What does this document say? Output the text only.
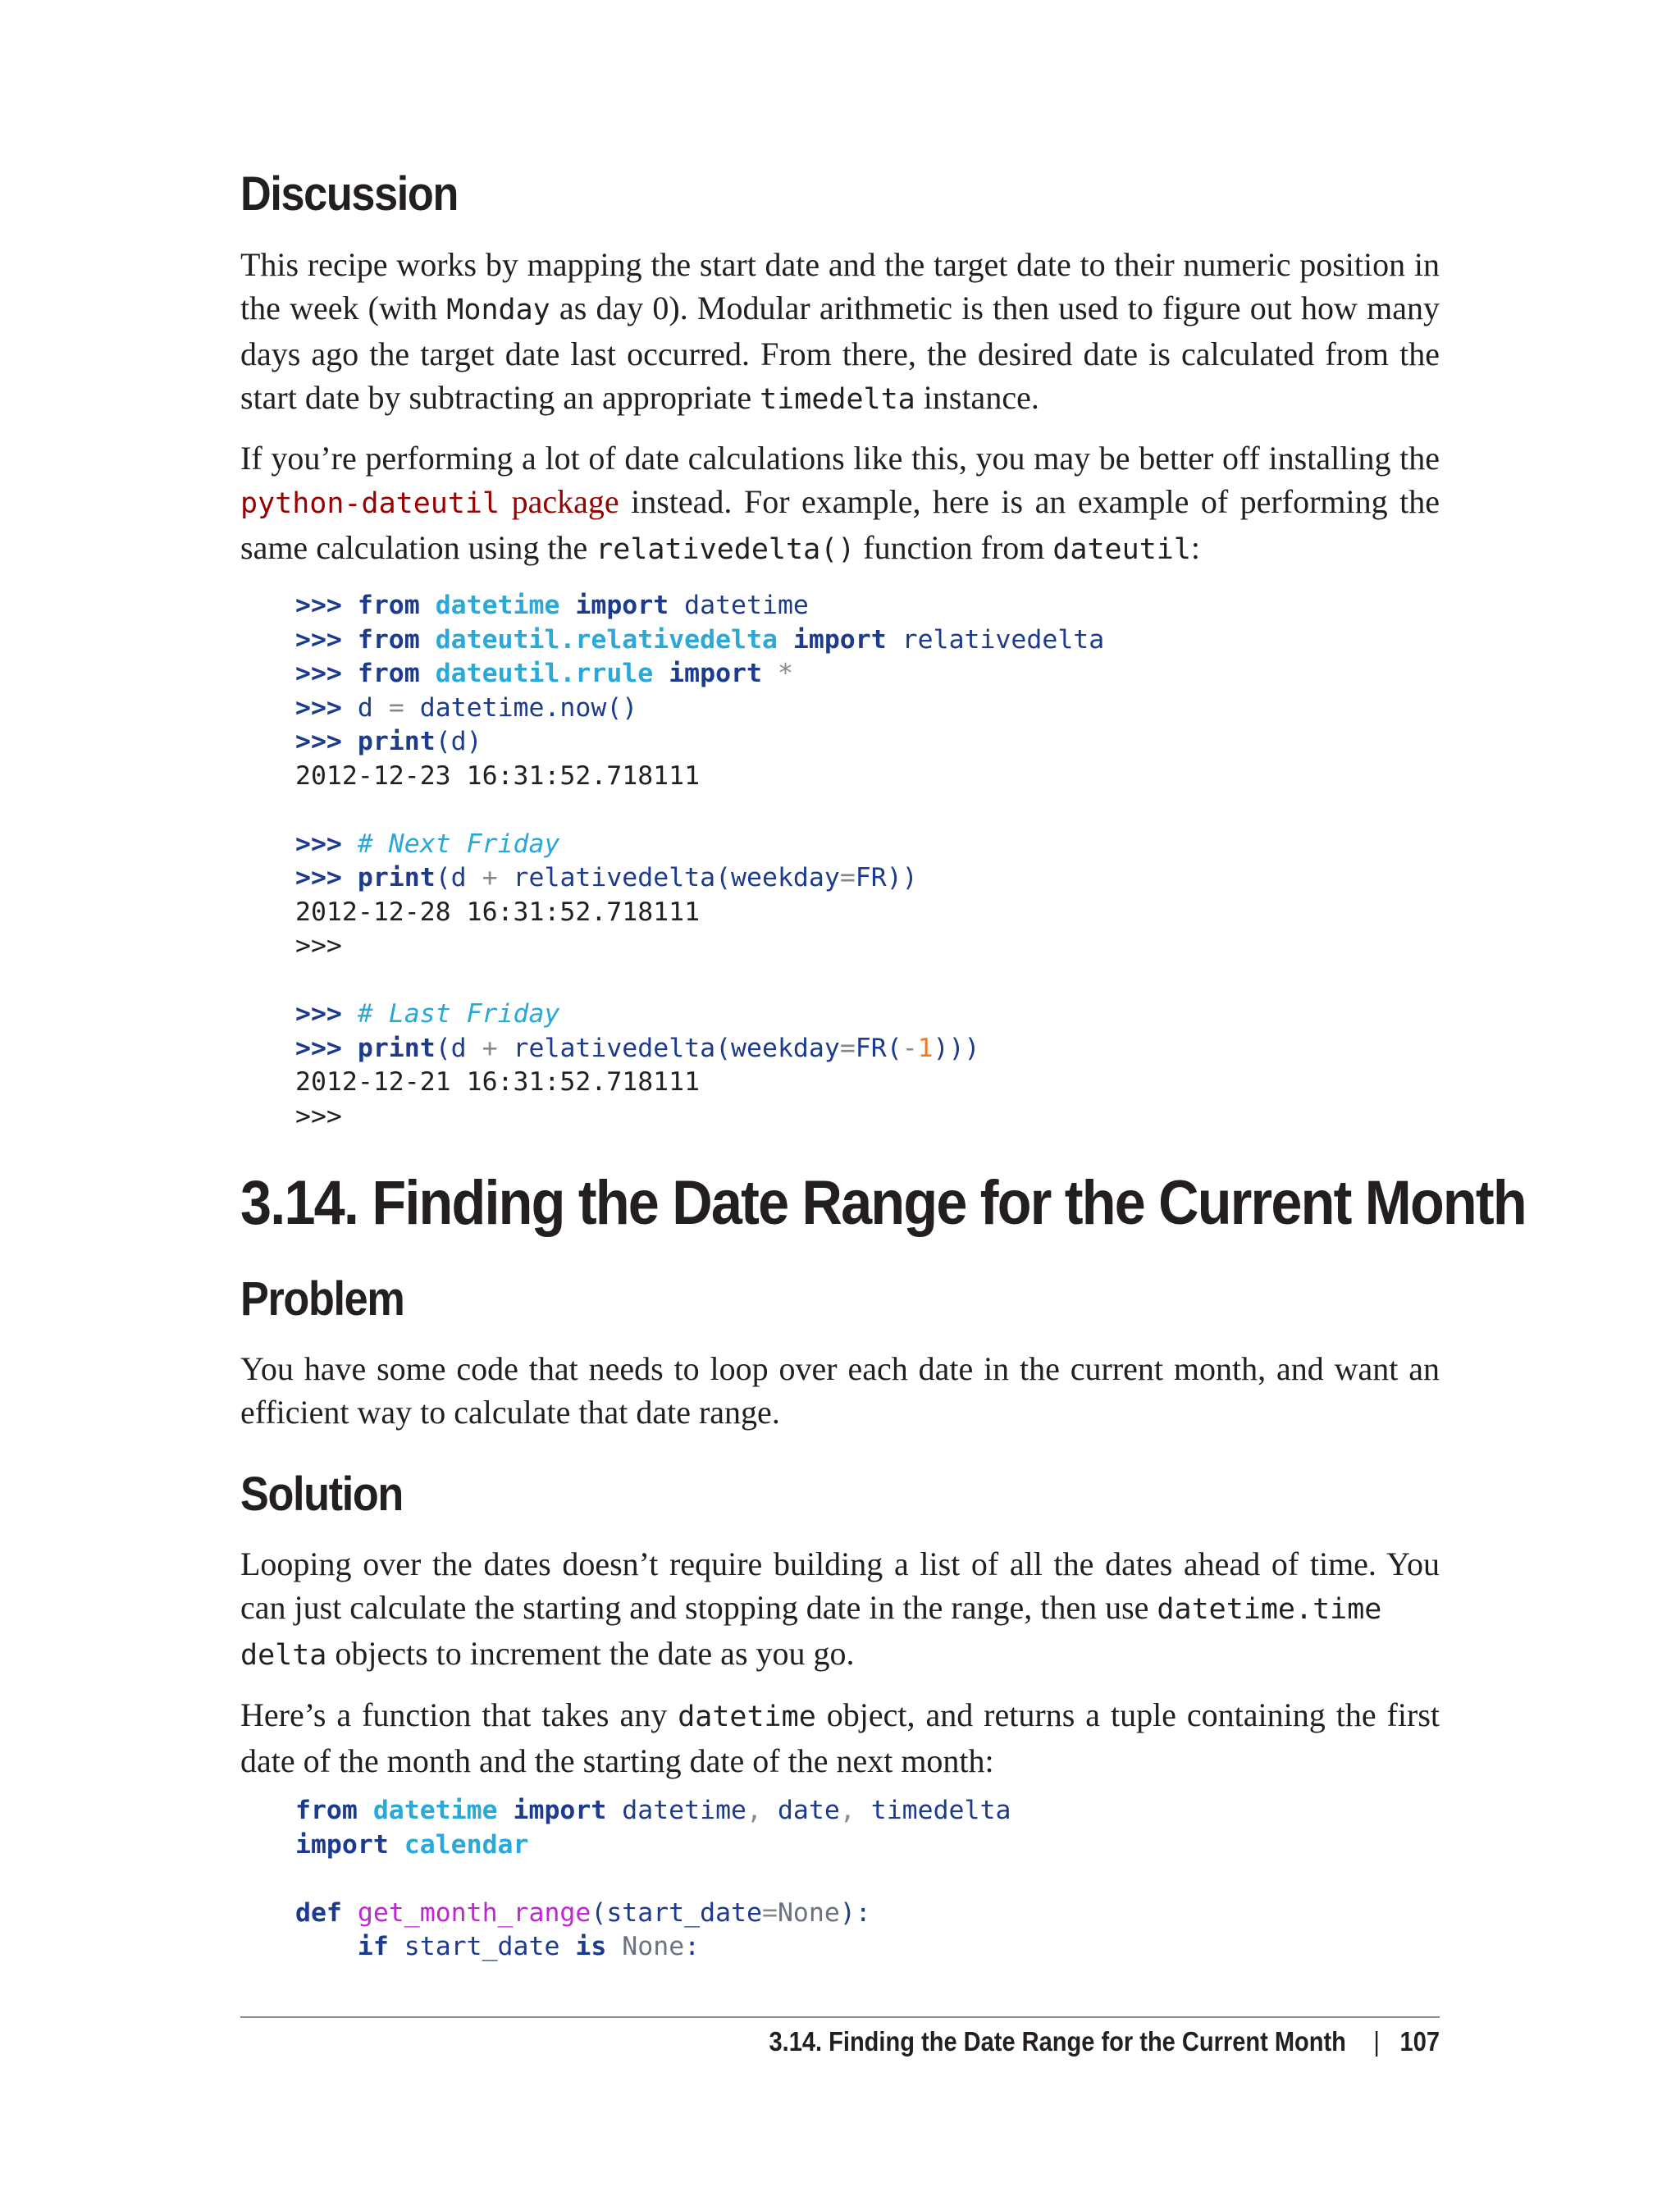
Discussion

This recipe works by mapping the start date and the target date to their numeric position in the week (with Monday as day 0). Modular arithmetic is then used to figure out how many days ago the target date last occurred. From there, the desired date is calculated from the start date by subtracting an appropriate timedelta instance.

If you’re performing a lot of date calculations like this, you may be better off installing the python-dateutil package instead. For example, here is an example of performing the same calculation using the relativedelta() function from dateutil:

>>> from datetime import datetime
>>> from dateutil.relativedelta import relativedelta
>>> from dateutil.rrule import *
>>> d = datetime.now()
>>> print(d)
2012-12-23 16:31:52.718111

>>> # Next Friday
>>> print(d + relativedelta(weekday=FR))
2012-12-28 16:31:52.718111
>>>

>>> # Last Friday
>>> print(d + relativedelta(weekday=FR(-1)))
2012-12-21 16:31:52.718111
>>>
3.14. Finding the Date Range for the Current Month
Problem

You have some code that needs to loop over each date in the current month, and want an efficient way to calculate that date range.

Solution

Looping over the dates doesn’t require building a list of all the dates ahead of time. You can just calculate the starting and stopping date in the range, then use datetime.time
delta objects to increment the date as you go.

Here’s a function that takes any datetime object, and returns a tuple containing the first date of the month and the starting date of the next month:

from datetime import datetime, date, timedelta
import calendar

def get_month_range(start_date=None):
if start_date is None:
3.14. Finding the Date Range for the Current Month | 107
